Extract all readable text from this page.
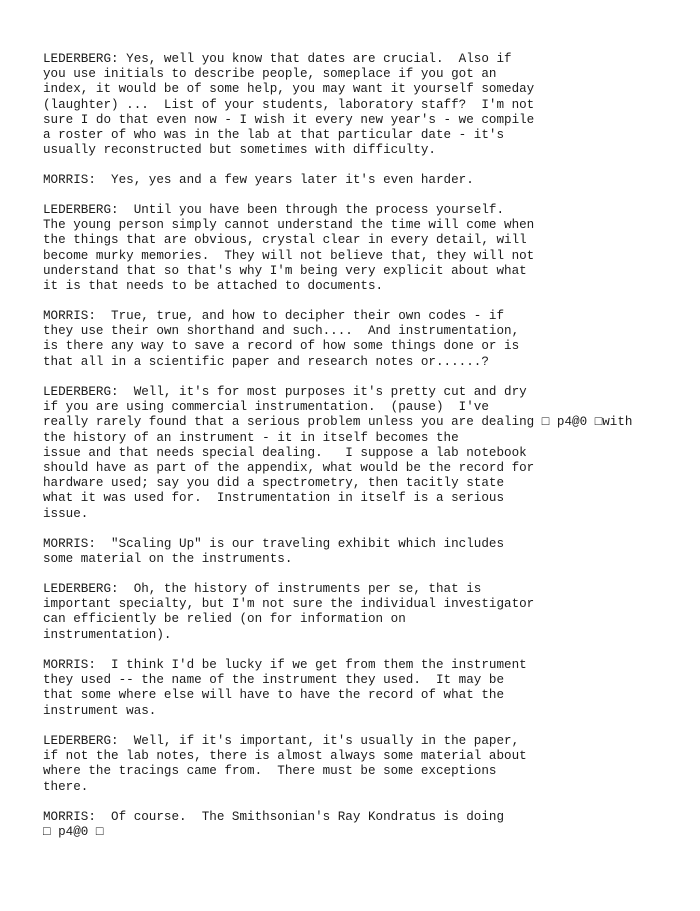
LEDERBERG: Yes, well you know that dates are crucial.  Also if
you use initials to describe people, someplace if you got an
index, it would be of some help, you may want it yourself someday
(laughter) ...  List of your students, laboratory staff?  I'm not
sure I do that even now - I wish it every new year's - we compile
a roster of who was in the lab at that particular date - it's
usually reconstructed but sometimes with difficulty.
MORRIS:  Yes, yes and a few years later it's even harder.
LEDERBERG:  Until you have been through the process yourself.
The young person simply cannot understand the time will come when
the things that are obvious, crystal clear in every detail, will
become murky memories.  They will not believe that, they will not
understand that so that's why I'm being very explicit about what
it is that needs to be attached to documents.
MORRIS:  True, true, and how to decipher their own codes - if
they use their own shorthand and such....  And instrumentation,
is there any way to save a record of how some things done or is
that all in a scientific paper and research notes or......?
LEDERBERG:  Well, it's for most purposes it's pretty cut and dry
if you are using commercial instrumentation.  (pause)  I've
really rarely found that a serious problem unless you are dealing □ p4@0 □with
the history of an instrument - it in itself becomes the
issue and that needs special dealing.   I suppose a lab notebook
should have as part of the appendix, what would be the record for
hardware used; say you did a spectrometry, then tacitly state
what it was used for.  Instrumentation in itself is a serious
issue.
MORRIS:  "Scaling Up" is our traveling exhibit which includes
some material on the instruments.
LEDERBERG:  Oh, the history of instruments per se, that is
important specialty, but I'm not sure the individual investigator
can efficiently be relied (on for information on
instrumentation).
MORRIS:  I think I'd be lucky if we get from them the instrument
they used -- the name of the instrument they used.  It may be
that some where else will have to have the record of what the
instrument was.
LEDERBERG:  Well, if it's important, it's usually in the paper,
if not the lab notes, there is almost always some material about
where the tracings came from.  There must be some exceptions
there.
MORRIS:  Of course.  The Smithsonian's Ray Kondratus is doing
□ p4@0 □
